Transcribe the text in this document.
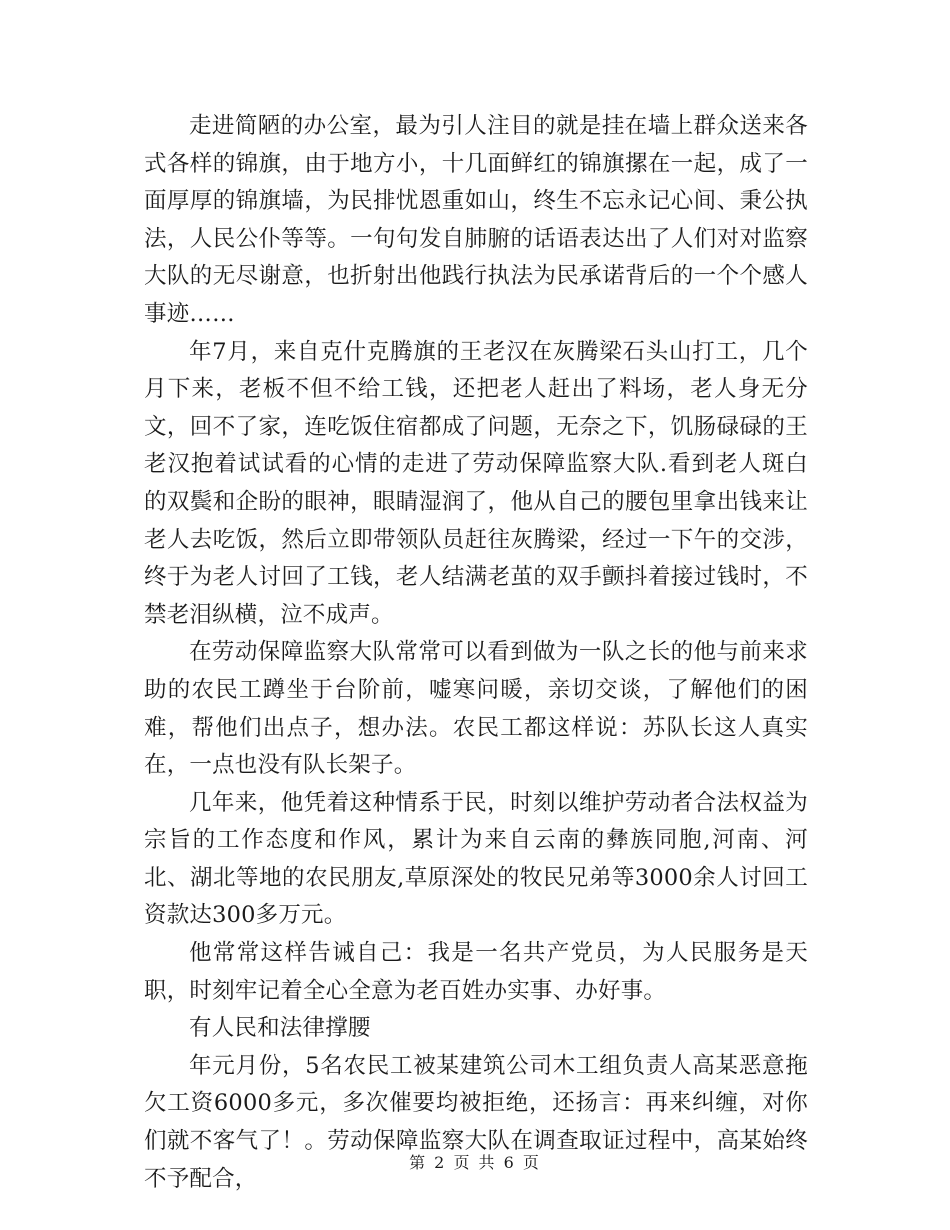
走进简陋的办公室，最为引人注目的就是挂在墙上群众送来各式各样的锦旗，由于地方小，十几面鲜红的锦旗摞在一起，成了一面厚厚的锦旗墙，为民排忧恩重如山，终生不忘永记心间、秉公执法，人民公仆等等。一句句发自肺腑的话语表达出了人们对对监察大队的无尽谢意，也折射出他践行执法为民承诺背后的一个个感人事迹……

年7月，来自克什克腾旗的王老汉在灰腾梁石头山打工，几个月下来，老板不但不给工钱，还把老人赶出了料场，老人身无分文，回不了家，连吃饭住宿都成了问题，无奈之下，饥肠碌碌的王老汉抱着试试看的心情的走进了劳动保障监察大队.看到老人斑白的双鬓和企盼的眼神，眼睛湿润了，他从自己的腰包里拿出钱来让老人去吃饭，然后立即带领队员赶往灰腾梁，经过一下午的交涉，终于为老人讨回了工钱，老人结满老茧的双手颤抖着接过钱时，不禁老泪纵横，泣不成声。

在劳动保障监察大队常常可以看到做为一队之长的他与前来求助的农民工蹲坐于台阶前，嘘寒问暖，亲切交谈，了解他们的困难，帮他们出点子，想办法。农民工都这样说：苏队长这人真实在，一点也没有队长架子。

几年来，他凭着这种情系于民，时刻以维护劳动者合法权益为宗旨的工作态度和作风，累计为来自云南的彝族同胞,河南、河北、湖北等地的农民朋友,草原深处的牧民兄弟等3000余人讨回工资款达300多万元。

他常常这样告诫自己：我是一名共产党员，为人民服务是天职，时刻牢记着全心全意为老百姓办实事、办好事。

有人民和法律撑腰

年元月份，5名农民工被某建筑公司木工组负责人高某恶意拖欠工资6000多元，多次催要均被拒绝，还扬言：再来纠缠，对你们就不客气了！。劳动保障监察大队在调查取证过程中，高某始终不予配合，

第 2 页 共 6 页
